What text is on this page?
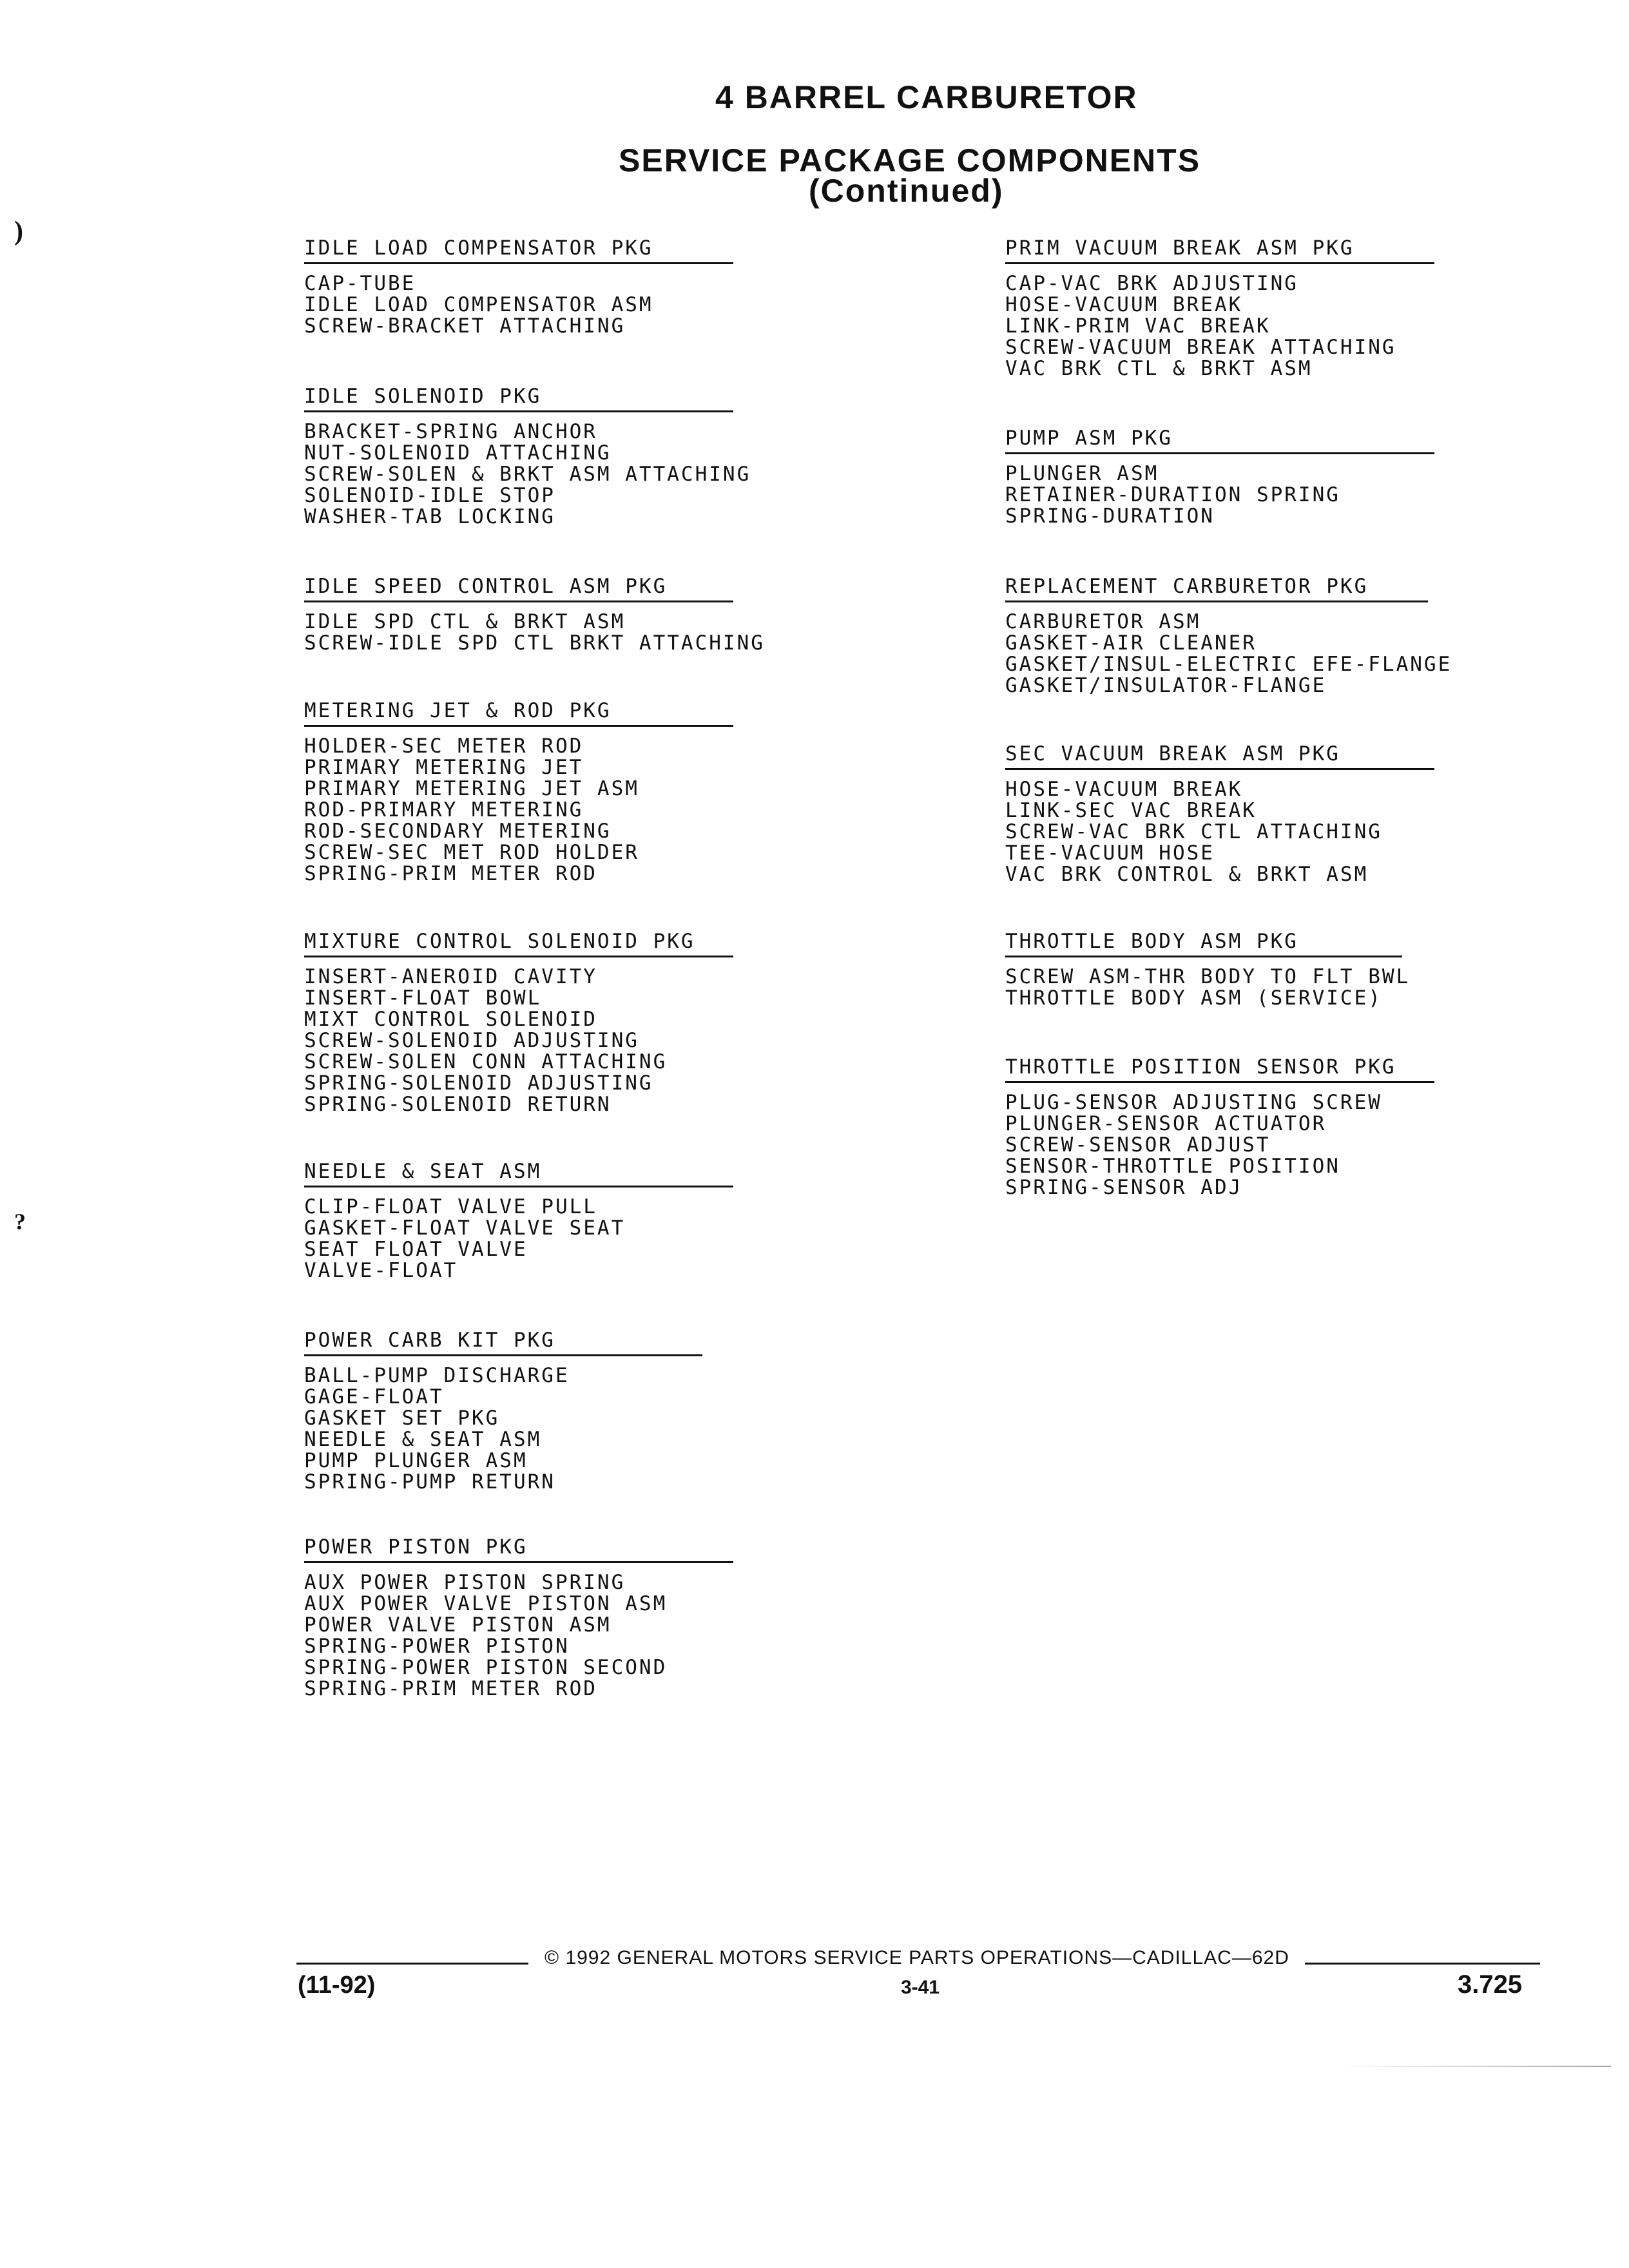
4 BARREL CARBURETOR
SERVICE PACKAGE COMPONENTS
(Continued)
)
?
IDLE LOAD COMPENSATOR PKG
CAP-TUBE
IDLE LOAD COMPENSATOR ASM
SCREW-BRACKET ATTACHING
IDLE SOLENOID PKG
BRACKET-SPRING ANCHOR
NUT-SOLENOID ATTACHING
SCREW-SOLEN & BRKT ASM ATTACHING
SOLENOID-IDLE STOP
WASHER-TAB LOCKING
IDLE SPEED CONTROL ASM PKG
IDLE SPD CTL & BRKT ASM
SCREW-IDLE SPD CTL BRKT ATTACHING
METERING JET & ROD PKG
HOLDER-SEC METER ROD
PRIMARY METERING JET
PRIMARY METERING JET ASM
ROD-PRIMARY METERING
ROD-SECONDARY METERING
SCREW-SEC MET ROD HOLDER
SPRING-PRIM METER ROD
MIXTURE CONTROL SOLENOID PKG
INSERT-ANEROID CAVITY
INSERT-FLOAT BOWL
MIXT CONTROL SOLENOID
SCREW-SOLENOID ADJUSTING
SCREW-SOLEN CONN ATTACHING
SPRING-SOLENOID ADJUSTING
SPRING-SOLENOID RETURN
NEEDLE & SEAT ASM
CLIP-FLOAT VALVE PULL
GASKET-FLOAT VALVE SEAT
SEAT FLOAT VALVE
VALVE-FLOAT
POWER CARB KIT PKG
BALL-PUMP DISCHARGE
GAGE-FLOAT
GASKET SET PKG
NEEDLE & SEAT ASM
PUMP PLUNGER ASM
SPRING-PUMP RETURN
POWER PISTON PKG
AUX POWER PISTON SPRING
AUX POWER VALVE PISTON ASM
POWER VALVE PISTON ASM
SPRING-POWER PISTON
SPRING-POWER PISTON SECOND
SPRING-PRIM METER ROD
PRIM VACUUM BREAK ASM PKG
CAP-VAC BRK ADJUSTING
HOSE-VACUUM BREAK
LINK-PRIM VAC BREAK
SCREW-VACUUM BREAK ATTACHING
VAC BRK CTL & BRKT ASM
PUMP ASM PKG
PLUNGER ASM
RETAINER-DURATION SPRING
SPRING-DURATION
REPLACEMENT CARBURETOR PKG
CARBURETOR ASM
GASKET-AIR CLEANER
GASKET/INSUL-ELECTRIC EFE-FLANGE
GASKET/INSULATOR-FLANGE
SEC VACUUM BREAK ASM PKG
HOSE-VACUUM BREAK
LINK-SEC VAC BREAK
SCREW-VAC BRK CTL ATTACHING
TEE-VACUUM HOSE
VAC BRK CONTROL & BRKT ASM
THROTTLE BODY ASM PKG
SCREW ASM-THR BODY TO FLT BWL
THROTTLE BODY ASM (SERVICE)
THROTTLE POSITION SENSOR PKG
PLUG-SENSOR ADJUSTING SCREW
PLUNGER-SENSOR ACTUATOR
SCREW-SENSOR ADJUST
SENSOR-THROTTLE POSITION
SPRING-SENSOR ADJ
© 1992 GENERAL MOTORS SERVICE PARTS OPERATIONS—CADILLAC—62D
(11-92)	3-41	3.725
